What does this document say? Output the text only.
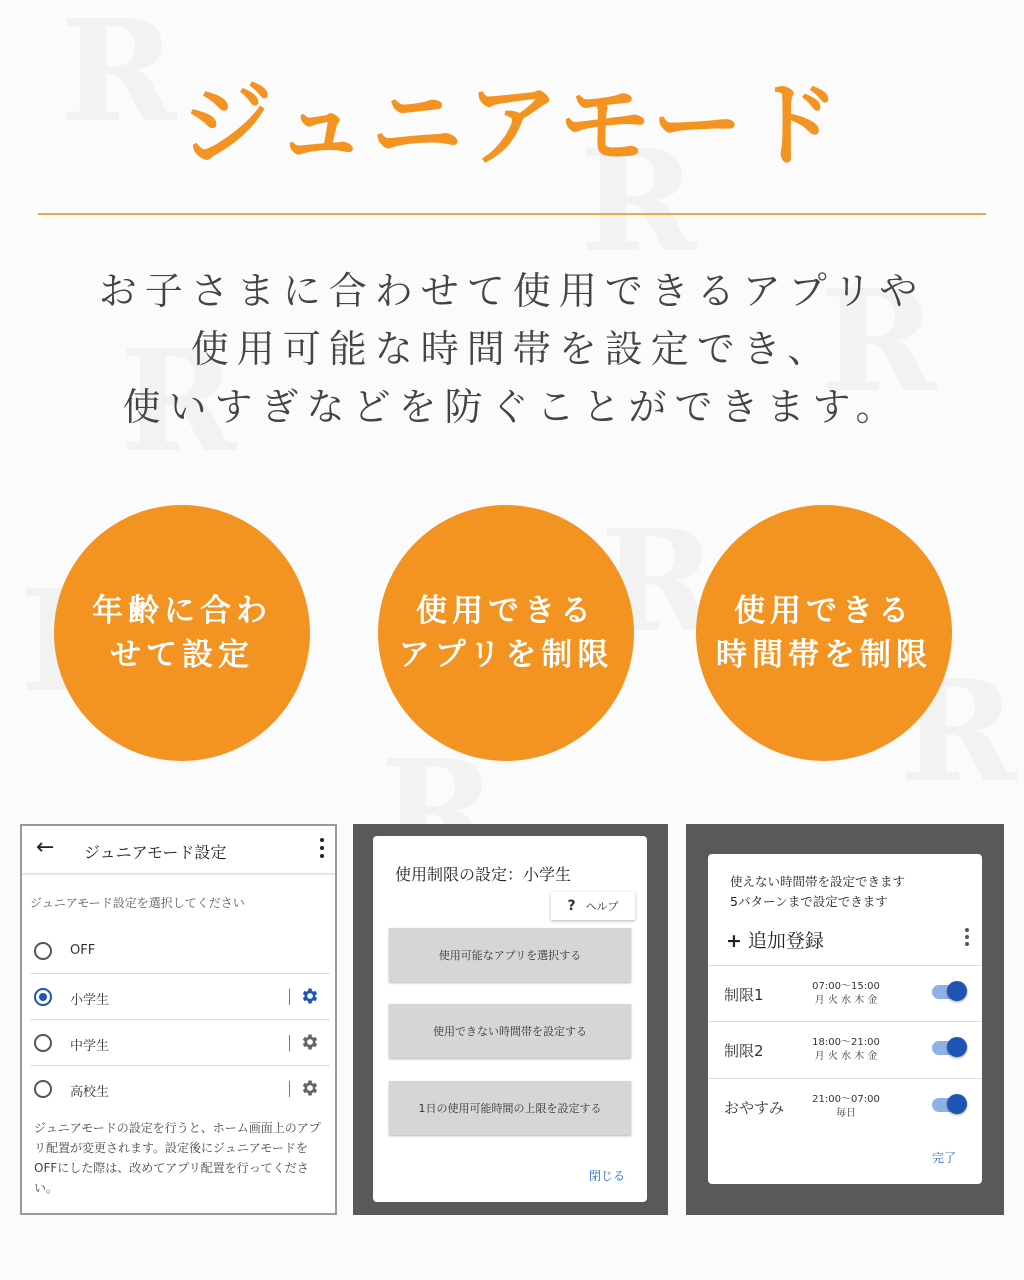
ジュニアモード
お子さまに合わせて使用できるアプリや
使用可能な時間帯を設定でき、
使いすぎなどを防ぐことができます。
年齢に合わ
せて設定
使用できる
アプリを制限
使用できる
時間帯を制限
← ジュニアモード設定
ジュニアモード設定を選択してください
OFF
小学生
中学生
高校生
ジュニアモードの設定を行うと、ホーム画面上のアプリ配置が変更されます。設定後にジュニアモードをOFFにした際は、改めてアプリ配置を行ってください。
使用制限の設定：小学生
? ヘルプ
使用可能なアプリを選択する
使用できない時間帯を設定する
1日の使用可能時間の上限を設定する
閉じる
使えない時間帯を設定できます
5パターンまで設定できます
+ 追加登録
制限1	07:00～15:00
月 火 水 木 金
制限2	18:00～21:00
月 火 水 木 金
おやすみ	21:00～07:00
毎日
完了
